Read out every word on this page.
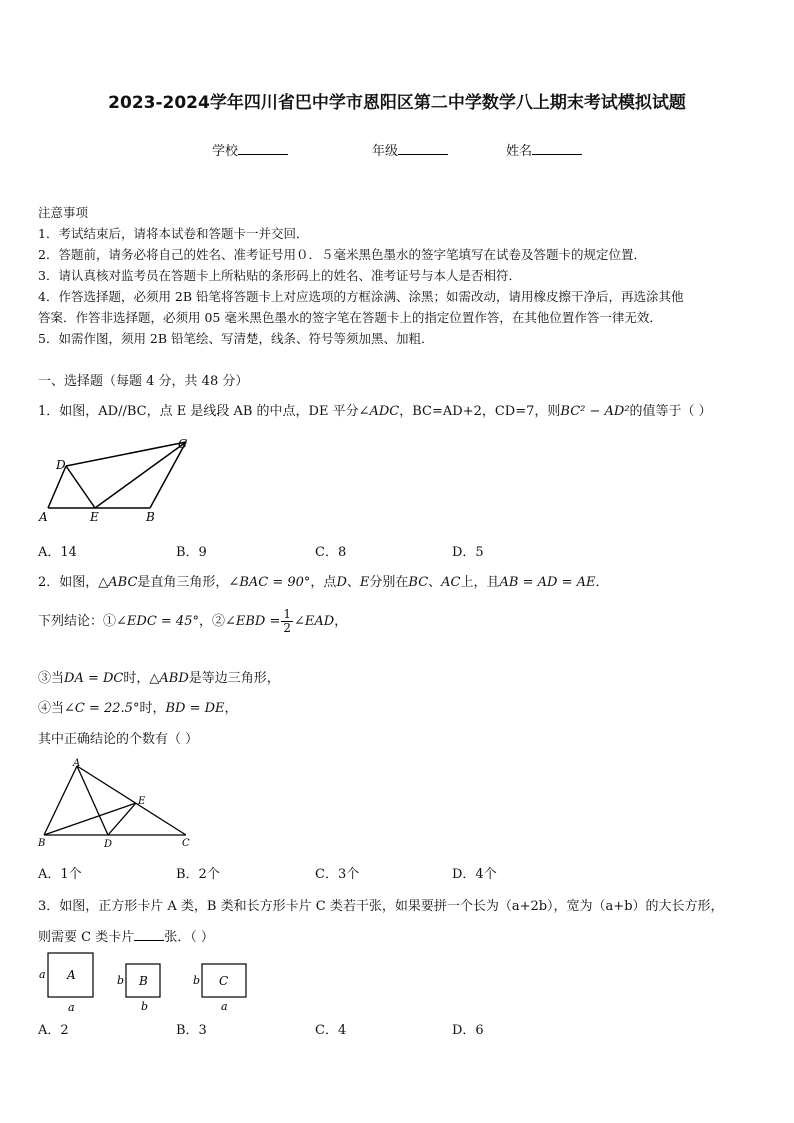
2023-2024学年四川省巴中学市恩阳区第二中学数学八上期末考试模拟试题
学校	年级	姓名
注意事项
1．考试结束后，请将本试卷和答题卡一并交回．
2．答题前，请务必将自己的姓名、准考证号用０．５毫米黑色墨水的签字笔填写在试卷及答题卡的规定位置．
3．请认真核对监考员在答题卡上所粘贴的条形码上的姓名、准考证号与本人是否相符．
4．作答选择题，必须用 2B 铅笔将答题卡上对应选项的方框涂满、涂黑；如需改动，请用橡皮擦干净后，再选涂其他
答案．作答非选择题，必须用 05 毫米黑色墨水的签字笔在答题卡上的指定位置作答，在其他位置作答一律无效．
5．如需作图，须用 2B 铅笔绘、写清楚，线条、符号等须加黑、加粗．
一、选择题（每题 4 分，共 48 分）
1．如图，AD//BC，点 E 是线段 AB 的中点，DE 平分∠ADC，BC=AD+2，CD=7，则BC² − AD²的值等于（ ）
D
C
A	E	B
A．14	B．9	C．8	D．5
2．如图，△ABC是直角三角形，∠BAC = 90°，点D、E分别在BC、AC上，且AB = AD = AE．
下列结论：①∠EDC = 45°，②∠EBD = $\frac{1}{2}$ ∠EAD，
③当DA = DC时，△ABD是等边三角形，
④当∠C = 22.5°时，BD = DE，
其中正确结论的个数有（ ）
A
B	C
D
E
A．1个	B．2个	C．3个	D．4个
3．如图，正方形卡片 A 类，B 类和长方形卡片 C 类若干张，如果要拼一个长为（a+2b），宽为（a+b）的大长方形，
则需要 C 类卡片 张．（ ）
A
a
a
B
b
b
C
b
a
A．2	B．3	C．4	D．6
